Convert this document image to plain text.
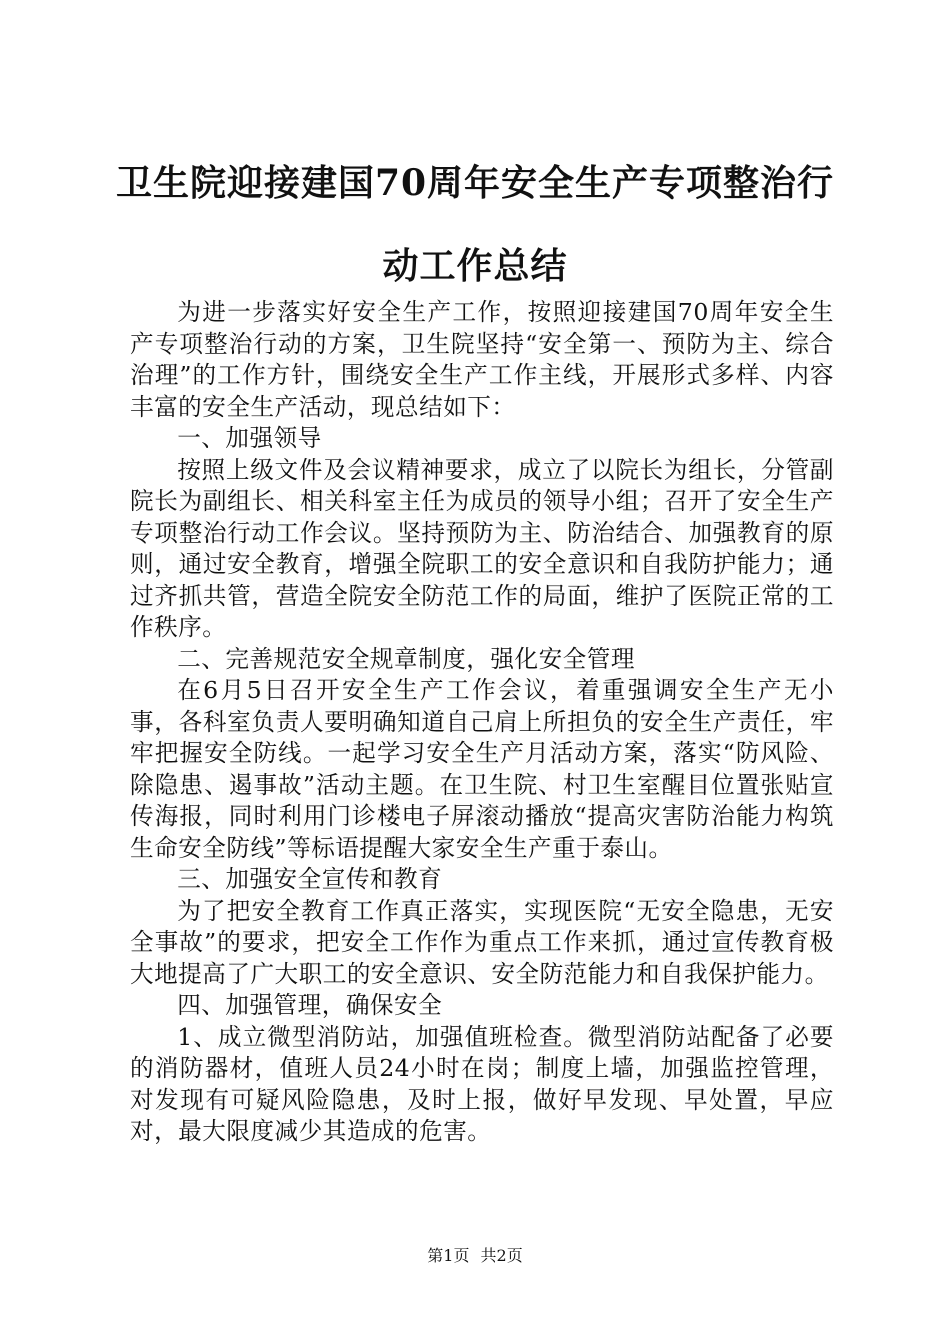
卫生院迎接建国70周年安全生产专项整治行
动工作总结

为进一步落实好安全生产工作，按照迎接建国70周年安全生产专项整治行动的方案，卫生院坚持“安全第一、预防为主、综合治理”的工作方针，围绕安全生产工作主线，开展形式多样、内容丰富的安全生产活动，现总结如下：

一、加强领导

按照上级文件及会议精神要求，成立了以院长为组长，分管副院长为副组长、相关科室主任为成员的领导小组；召开了安全生产专项整治行动工作会议。坚持预防为主、防治结合、加强教育的原则，通过安全教育，增强全院职工的安全意识和自我防护能力；通过齐抓共管，营造全院安全防范工作的局面，维护了医院正常的工作秩序。

二、完善规范安全规章制度，强化安全管理

在6月5日召开安全生产工作会议，着重强调安全生产无小事，各科室负责人要明确知道自己肩上所担负的安全生产责任，牢牢把握安全防线。一起学习安全生产月活动方案，落实“防风险、除隐患、遏事故”活动主题。在卫生院、村卫生室醒目位置张贴宣传海报，同时利用门诊楼电子屏滚动播放“提高灾害防治能力构筑生命安全防线”等标语提醒大家安全生产重于泰山。

三、加强安全宣传和教育

为了把安全教育工作真正落实，实现医院“无安全隐患，无安全事故”的要求，把安全工作作为重点工作来抓，通过宣传教育极大地提高了广大职工的安全意识、安全防范能力和自我保护能力。

四、加强管理，确保安全

1、成立微型消防站，加强值班检查。微型消防站配备了必要的消防器材，值班人员24小时在岗；制度上墙，加强监控管理，对发现有可疑风险隐患，及时上报，做好早发现、早处置，早应对，最大限度减少其造成的危害。

第1页 共2页
